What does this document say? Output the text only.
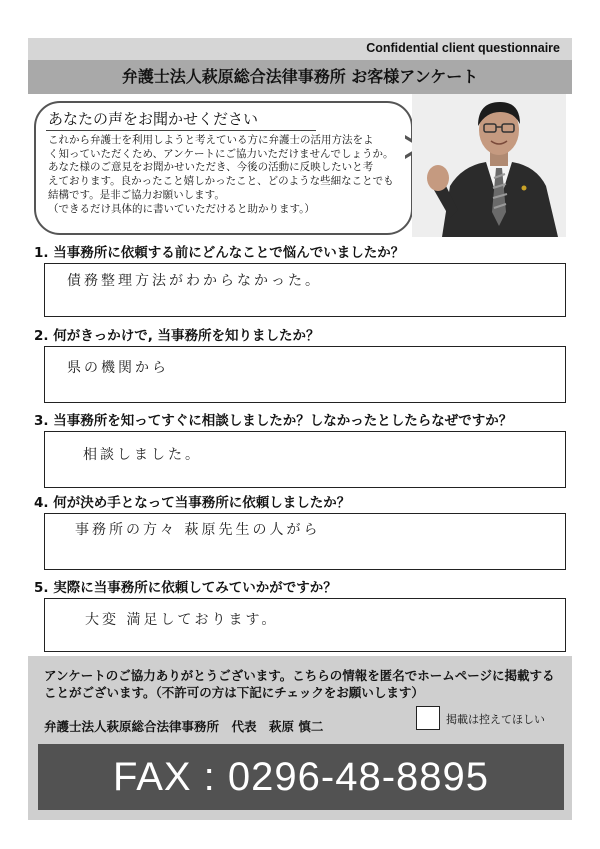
Confidential client questionnaire
弁護士法人萩原総合法律事務所 お客様アンケート
あなたの声をお聞かせください
これから弁護士を利用しようと考えている方に弁護士の活用方法をよ
く知っていただくため、アンケートにご協力いただけませんでしょうか。
あなた様のご意見をお聞かせいただき、今後の活動に反映したいと考
えております。良かったこと嬉しかったこと、どのような些細なことでも
結構です。是非ご協力お願いします。
（できるだけ具体的に書いていただけると助かります。）
1. 当事務所に依頼する前にどんなことで悩んでいましたか？
債務整理方法がわからなかった。
2. 何がきっかけで, 当事務所を知りましたか？
県の機関から
3. 当事務所を知ってすぐに相談しましたか？しなかったとしたらなぜですか？
相談しました。
4. 何が決め手となって当事務所に依頼しましたか？
事務所の方々 萩原先生の人がら
5. 実際に当事務所に依頼してみていかがですか？
大変 満足しております。
アンケートのご協力ありがとうございます。こちらの情報を匿名でホームページに掲載する
ことがございます。（不許可の方は下記にチェックをお願いします）
弁護士法人萩原総合法律事務所　代表　萩原 慎二	掲載は控えてほしい
FAX : 0296-48-8895
